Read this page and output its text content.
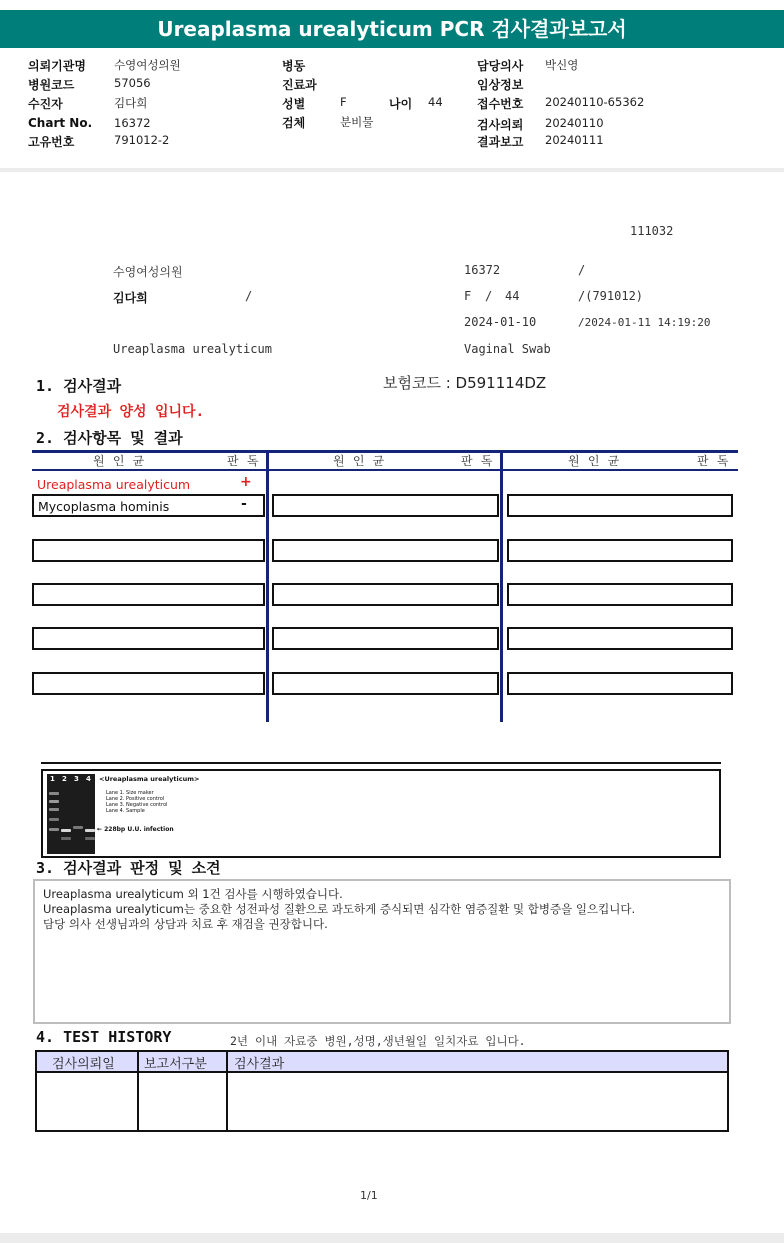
Ureaplasma urealyticum PCR 검사결과보고서
의뢰기관명 수영여성의원
병원코드	57056
수진자	김다희
Chart No. 16372
고유번호	791012-2
병동
진료과
성별	F	나이 44
검체	분비물
담당의사 박신영
임상정보
접수번호 20240110-65362
검사의뢰 20240110
결과보고 20240111
111032
수영여성의원	16372	/
김다희	/	F / 44	/(791012)
2024-01-10	/2024-01-11 14:19:20
Ureaplasma urealyticum	Vaginal Swab
1. 검사결과	보험코드 : D591114DZ
검사결과 양성 입니다.
2. 검사항목 및 결과
원 인 균	판 독	원 인 균	판 독	원 인 균	판 독
Ureaplasma urealyticum	+
Mycoplasma hominis	-
1 2 3 4 <Ureaplasma urealyticum>
Lane 1. Size maker
Lane 2. Positive control
Lane 3. Negative control
Lane 4. Sample
← 228bp U.U. infection
3. 검사결과 판정 및 소견
Ureaplasma urealyticum 외 1건 검사를 시행하였습니다.
Ureaplasma urealyticum는 중요한 성전파성 질환으로 과도하게 증식되면 심각한 염증질환 및 합병증을 일으킵니다.
담당 의사 선생님과의 상담과 치료 후 재검을 권장합니다.
4. TEST HISTORY	2년 이내 자료중 병원,성명,생년월일 일치자료 입니다.
검사의뢰일 보고서구분 검사결과
1/1
